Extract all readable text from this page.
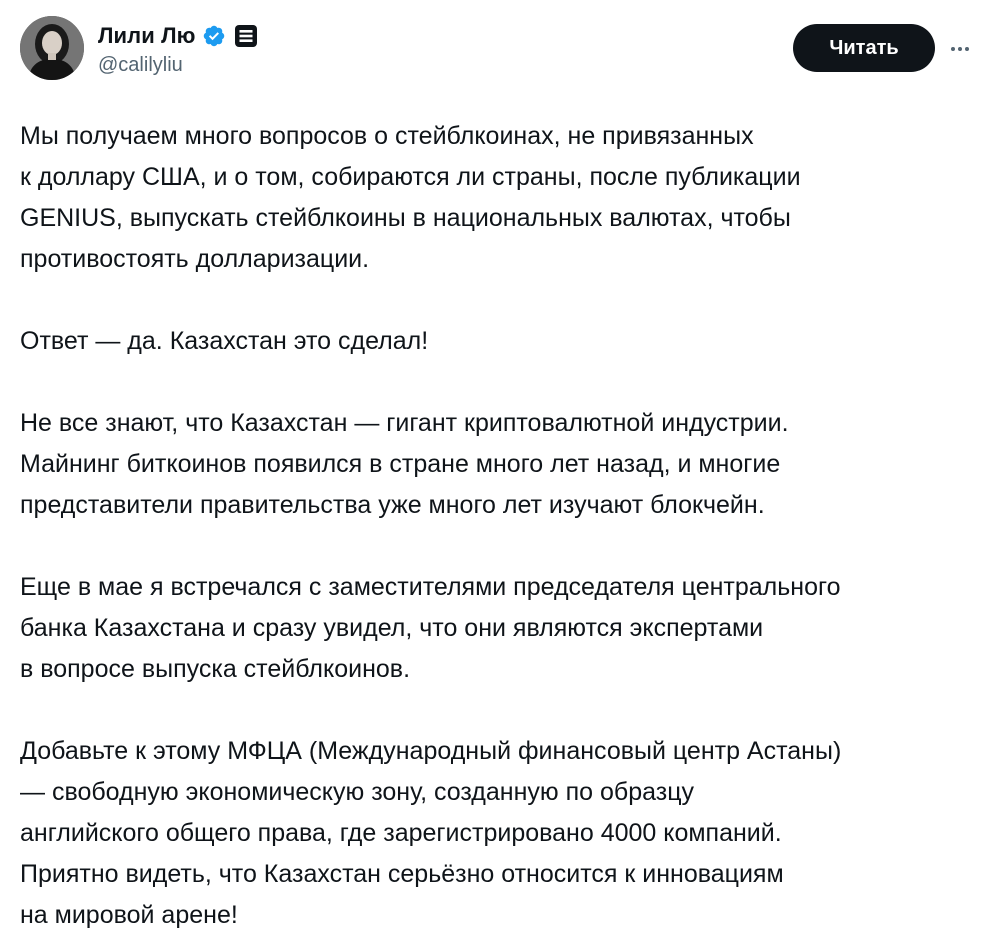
Лили Лю
@calilyliu
Читать

Мы получаем много вопросов о стейблкоинах, не привязанных
к доллару США, и о том, собираются ли страны, после публикации
GENIUS, выпускать стейблкоины в национальных валютах, чтобы
противостоять долларизации.

Ответ — да. Казахстан это сделал!

Не все знают, что Казахстан — гигант криптовалютной индустрии.
Майнинг биткоинов появился в стране много лет назад, и многие
представители правительства уже много лет изучают блокчейн.

Еще в мае я встречался с заместителями председателя центрального
банка Казахстана и сразу увидел, что они являются экспертами
в вопросе выпуска стейблкоинов.

Добавьте к этому МФЦА (Международный финансовый центр Астаны)
— свободную экономическую зону, созданную по образцу
английского общего права, где зарегистрировано 4000 компаний.
Приятно видеть, что Казахстан серьёзно относится к инновациям
на мировой арене!
